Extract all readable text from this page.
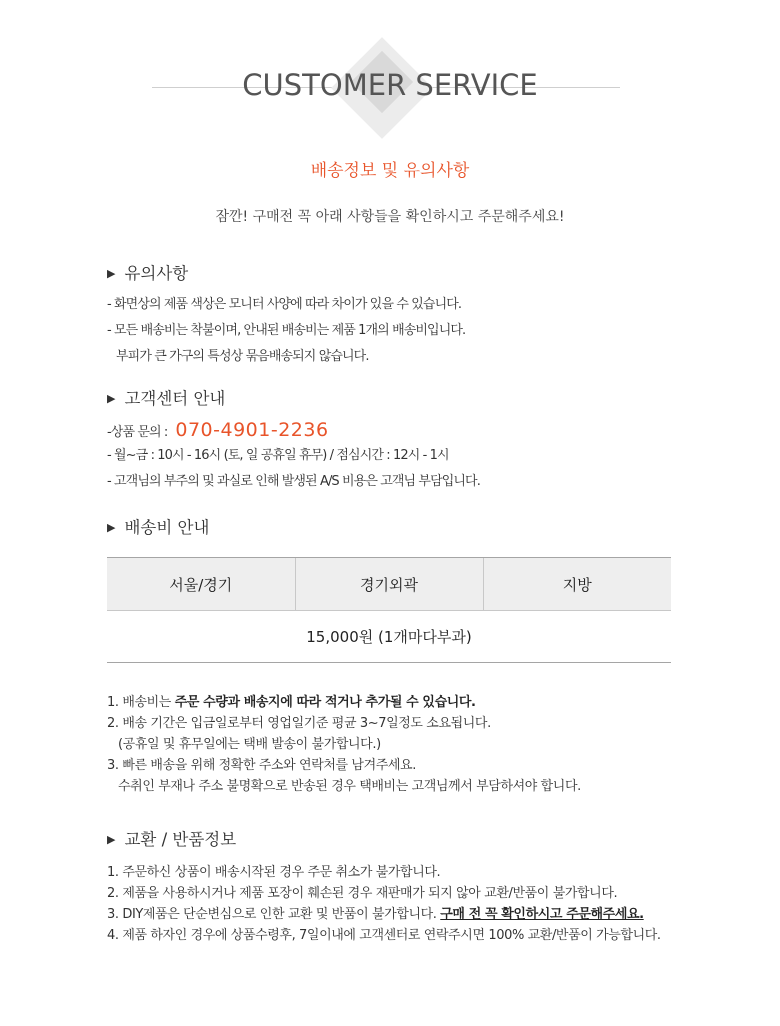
CUSTOMER SERVICE
배송정보 및 유의사항
잠깐! 구매전 꼭 아래 사항들을 확인하시고 주문해주세요!
▶ 유의사항

- 화면상의 제품 색상은 모니터 사양에 따라 차이가 있을 수 있습니다.

- 모든 배송비는 착불이며, 안내된 배송비는 제품 1개의 배송비입니다.

부피가 큰 가구의 특성상 묶음배송되지 않습니다.

▶ 고객센터 안내

-상품 문의 : 070-4901-2236

- 월~금 : 10시 - 16시 (토, 일 공휴일 휴무) / 점심시간 : 12시 - 1시

- 고객님의 부주의 및 과실로 인해 발생된 A/S 비용은 고객님 부담입니다.

▶ 배송비 안내
서울/경기	경기외곽	지방
15,000원 (1개마다부과)

1. 배송비는 주문 수량과 배송지에 따라 적거나 추가될 수 있습니다.

2. 배송 기간은 입금일로부터 영업일기준 평균 3~7일정도 소요됩니다.

(공휴일 및 휴무일에는 택배 발송이 불가합니다.)

3. 빠른 배송을 위해 정확한 주소와 연락처를 남겨주세요.

수취인 부재나 주소 불명확으로 반송된 경우 택배비는 고객님께서 부담하셔야 합니다.

▶ 교환 / 반품정보

1. 주문하신 상품이 배송시작된 경우 주문 취소가 불가합니다.

2. 제품을 사용하시거나 제품 포장이 훼손된 경우 재판매가 되지 않아 교환/반품이 불가합니다.

3. DIY제품은 단순변심으로 인한 교환 및 반품이 불가합니다. 구매 전 꼭 확인하시고 주문해주세요.

4. 제품 하자인 경우에 상품수령후, 7일이내에 고객센터로 연락주시면 100% 교환/반품이 가능합니다.
